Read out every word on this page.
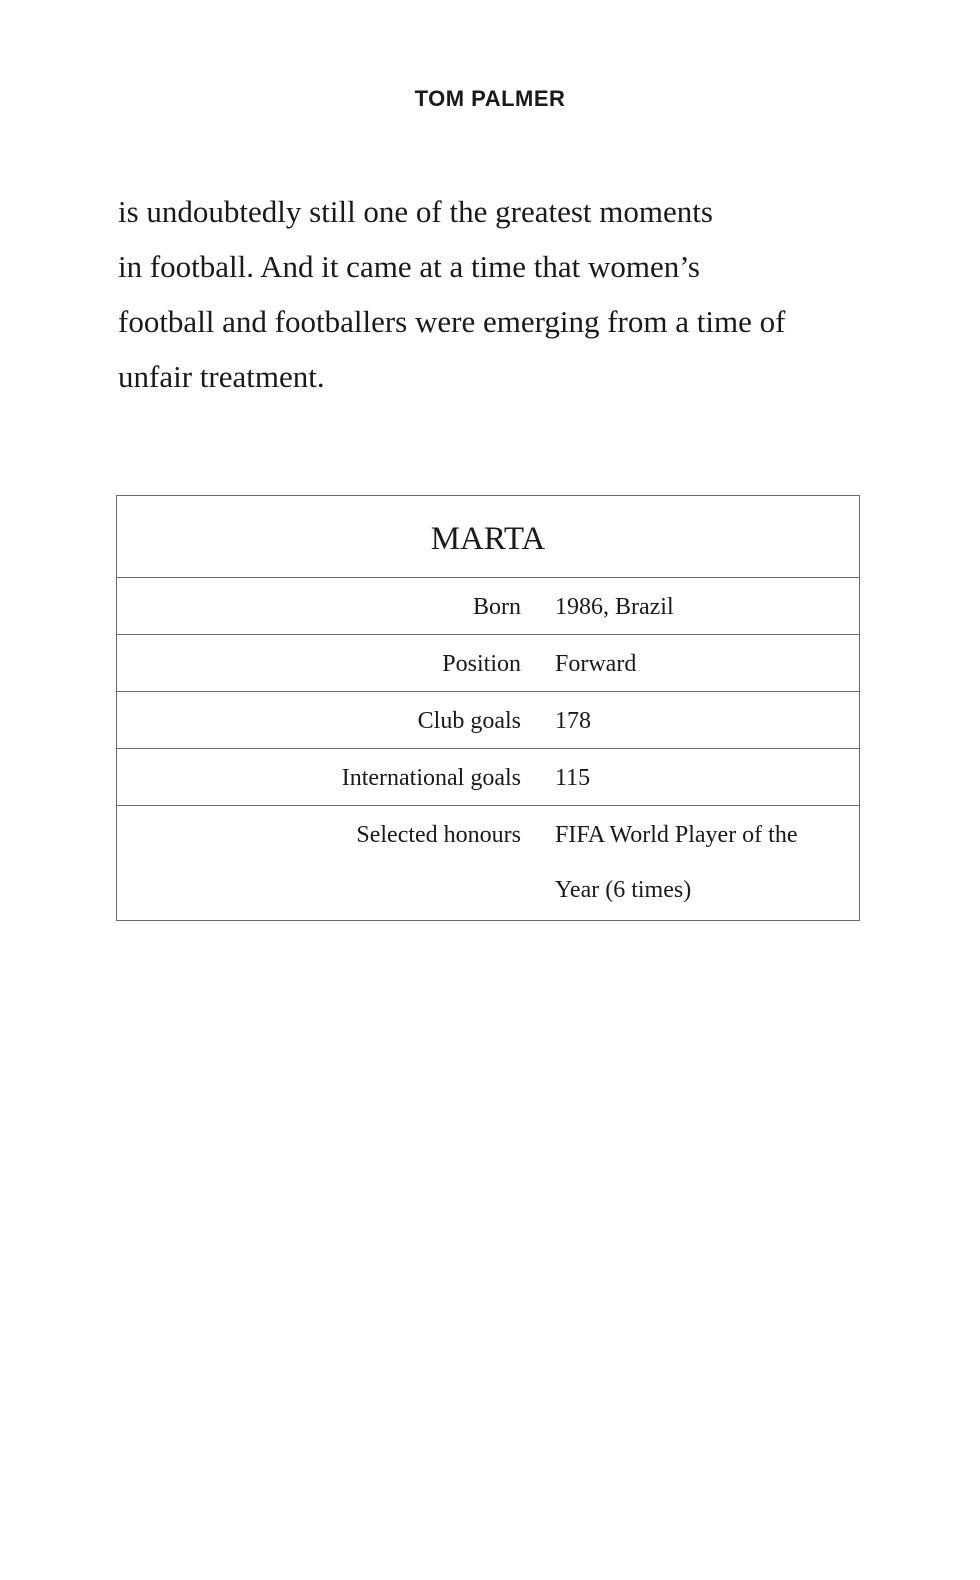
TOM PALMER
is undoubtedly still one of the greatest moments
in football. And it came at a time that women’s
football and footballers were emerging from a time of
unfair treatment.
MARTA
Born	1986, Brazil
Position	Forward
Club goals	178
International goals	115
Selected honours	FIFA World Player of the Year (6 times)
